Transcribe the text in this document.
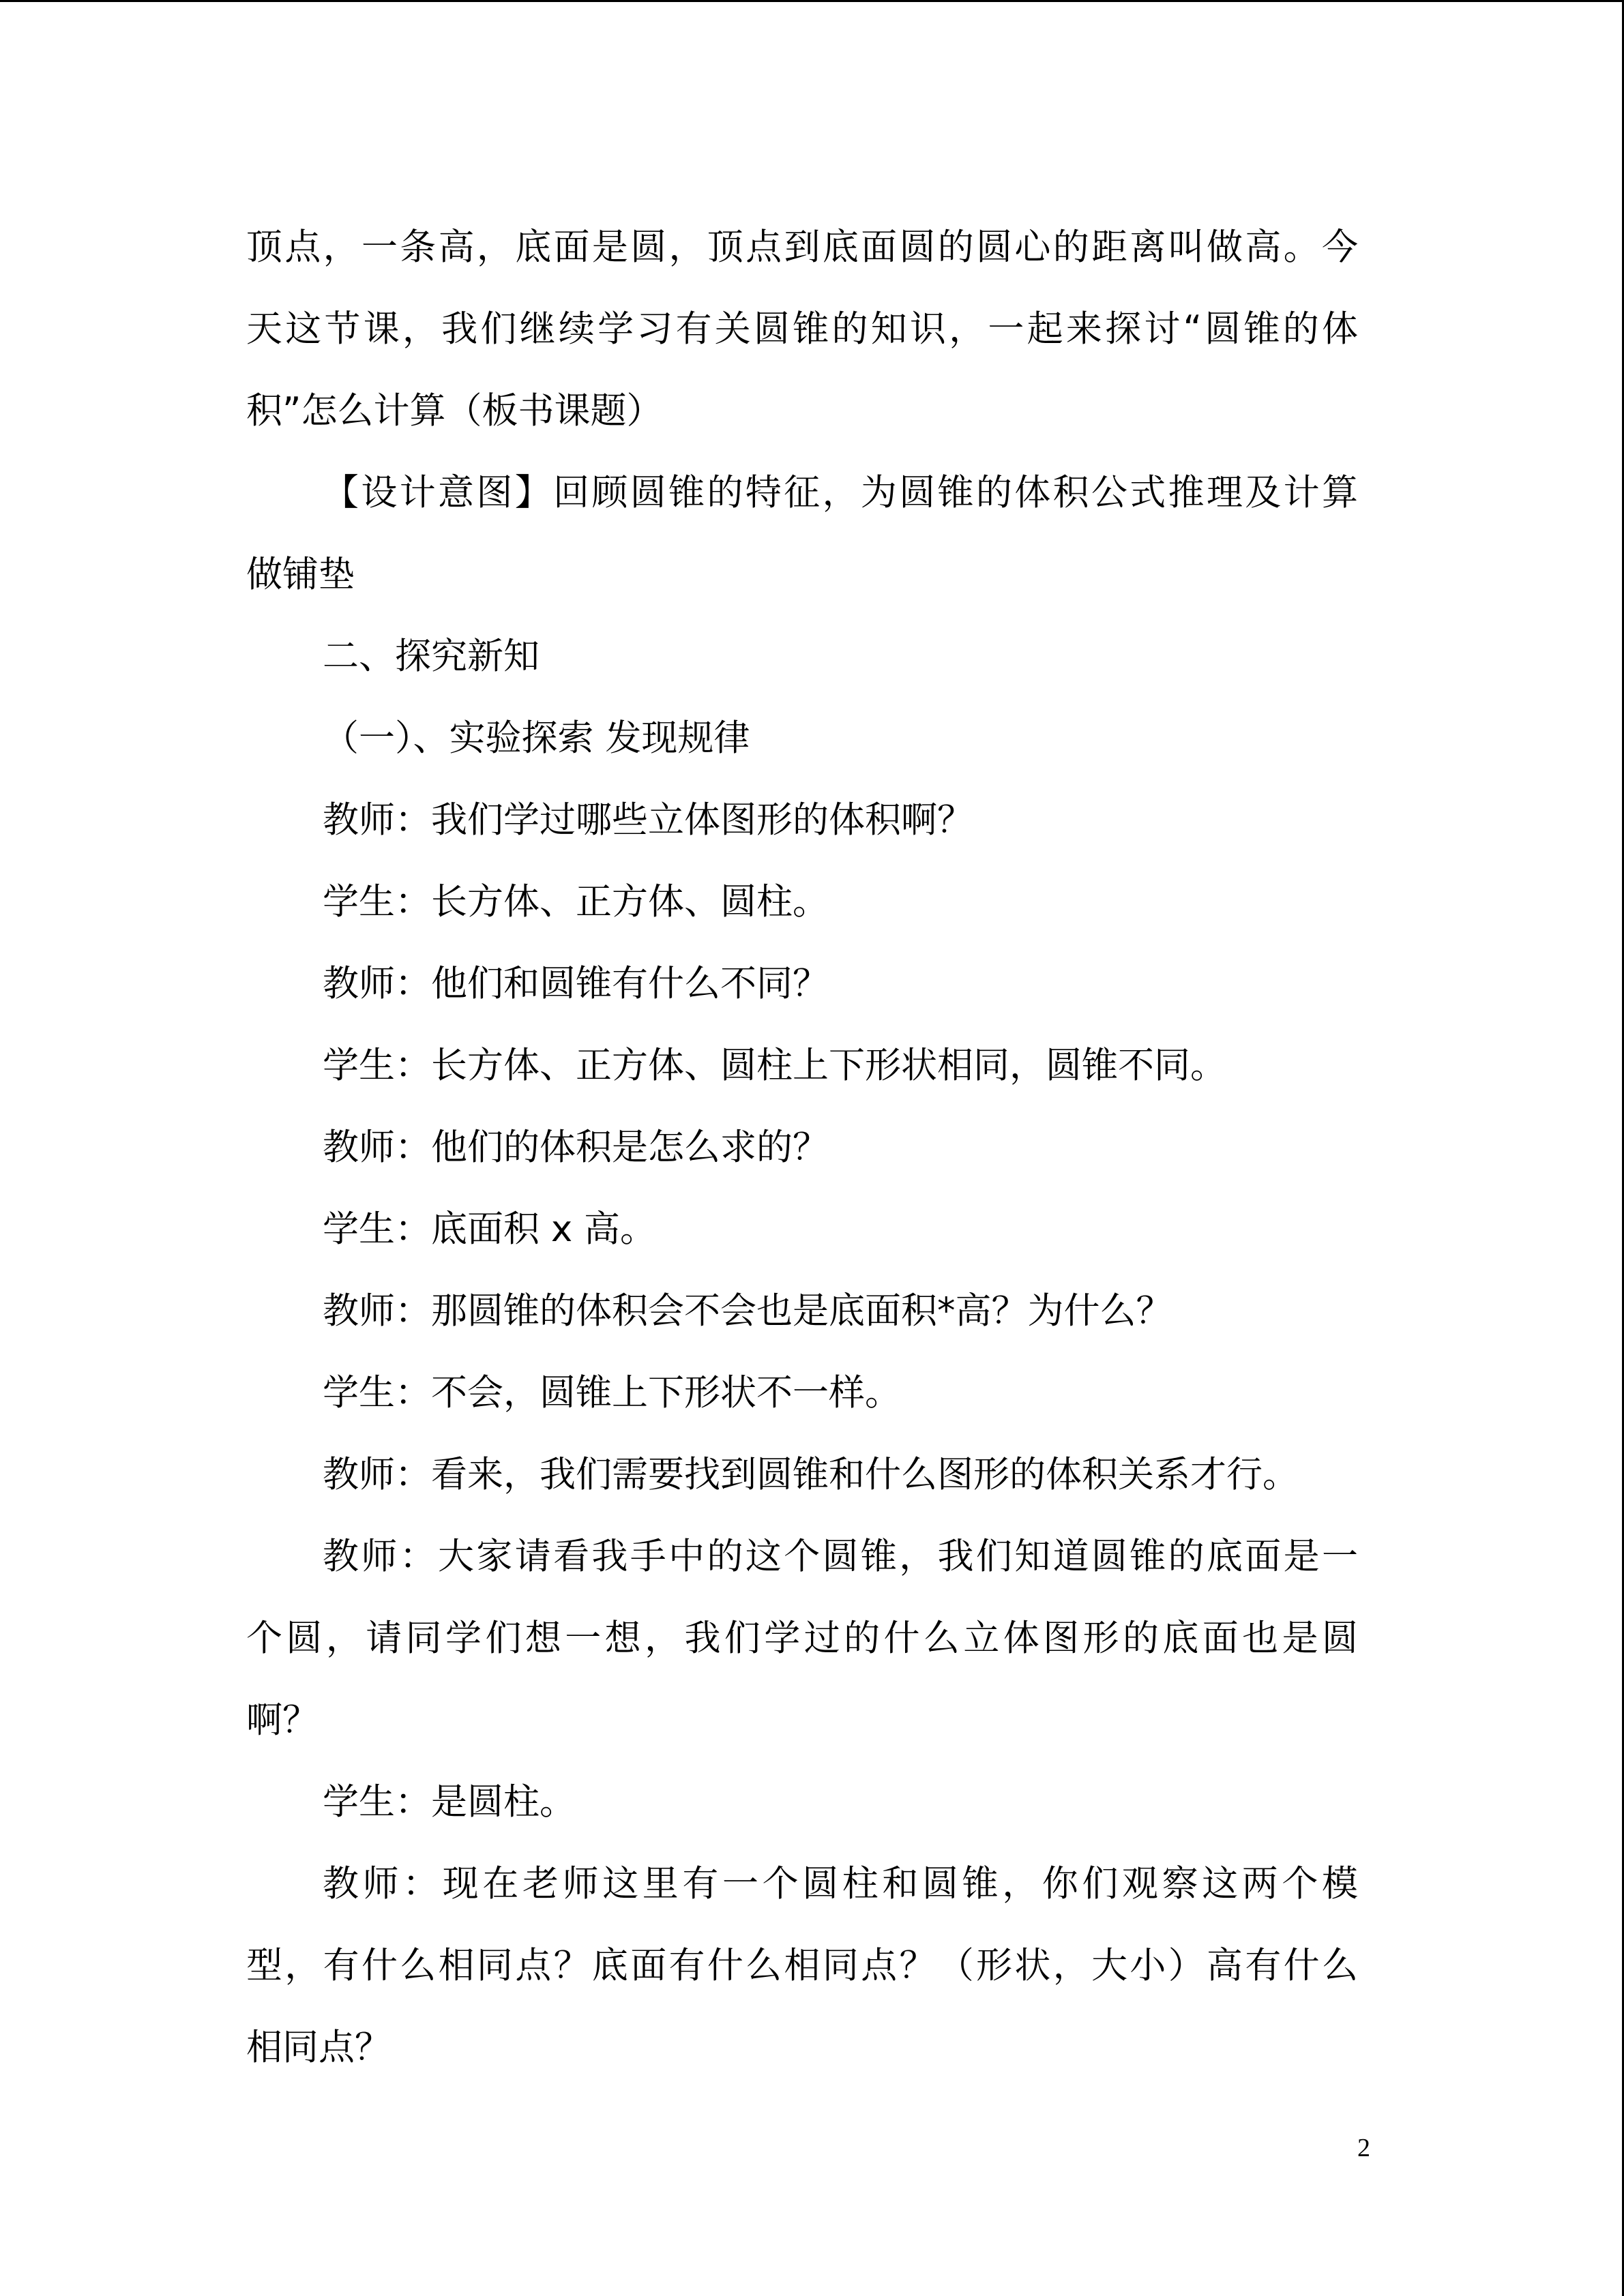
顶点，一条高，底面是圆，顶点到底面圆的圆心的距离叫做高。今
天这节课，我们继续学习有关圆锥的知识，一起来探讨“圆锥的体
积”怎么计算（板书课题）
【设计意图】回顾圆锥的特征，为圆锥的体积公式推理及计算
做铺垫
二、探究新知
（一）、实验探索 发现规律
教师：我们学过哪些立体图形的体积啊？
学生：长方体、正方体、圆柱。
教师：他们和圆锥有什么不同？
学生：长方体、正方体、圆柱上下形状相同，圆锥不同。
教师：他们的体积是怎么求的？
学生：底面积 x 高。
教师：那圆锥的体积会不会也是底面积*高？为什么？
学生：不会，圆锥上下形状不一样。
教师：看来，我们需要找到圆锥和什么图形的体积关系才行。
教师：大家请看我手中的这个圆锥，我们知道圆锥的底面是一
个圆，请同学们想一想，我们学过的什么立体图形的底面也是圆
啊？
学生：是圆柱。
教师：现在老师这里有一个圆柱和圆锥，你们观察这两个模
型，有什么相同点？底面有什么相同点？（形状，大小）高有什么
相同点？
2
